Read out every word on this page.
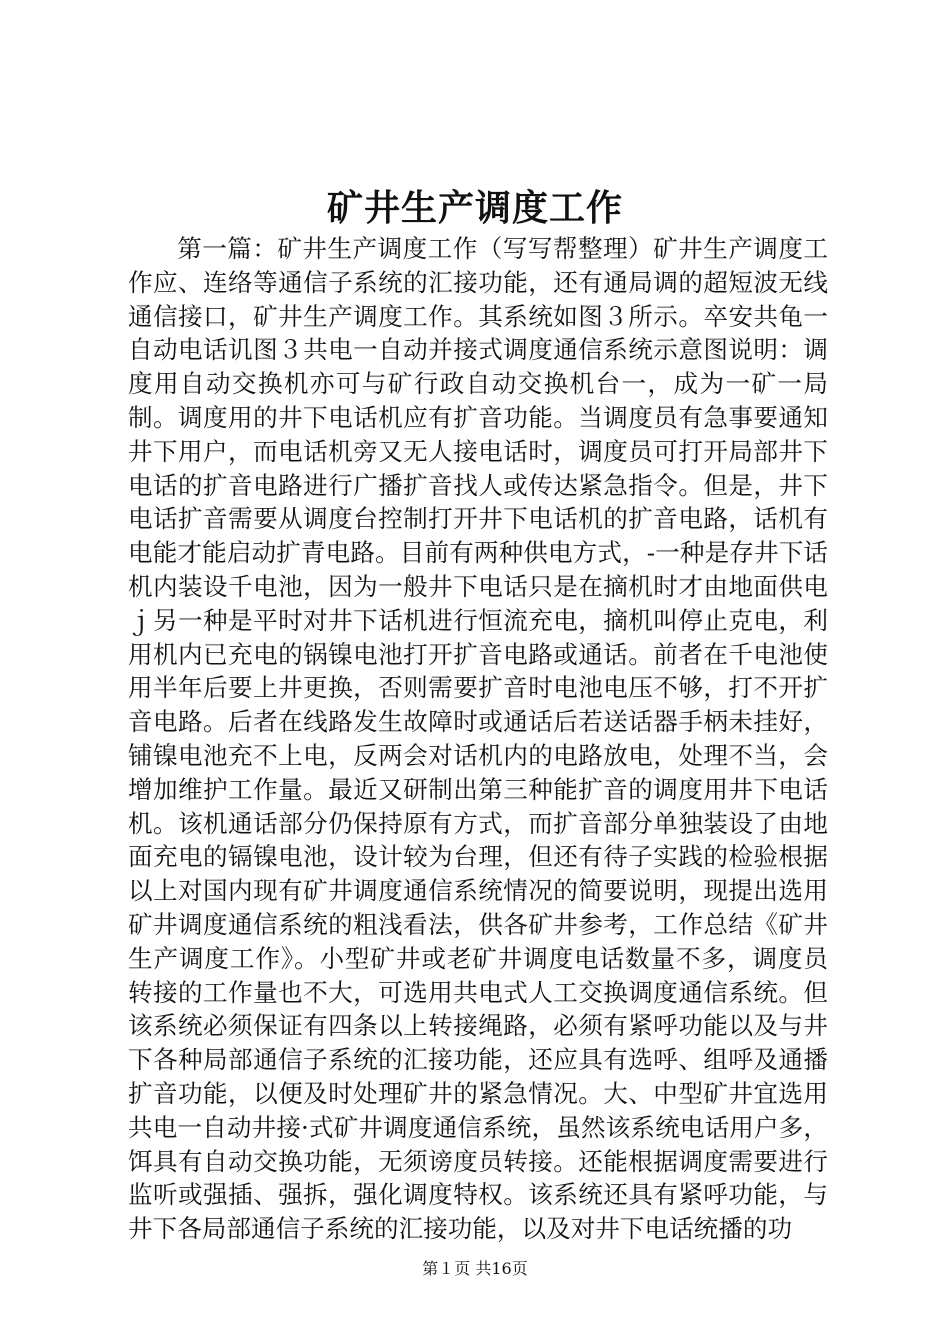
矿井生产调度工作

第一篇：矿井生产调度工作（写写帮整理）矿井生产调度工作应、连络等通信子系统的汇接功能，还有通局调的超短波无线通信接口，矿井生产调度工作。其系统如图３所示。卒安共龟一自动电话讥图３共电一自动并接式调度通信系统示意图说明：调度用自动交换机亦可与矿行政自动交换机台一，成为一矿一局制。调度用的井下电话机应有扩音功能。当调度员有急事要通知井下用户，而电话机旁又无人接电话时，调度员可打开局部井下电话的扩音电路进行广播扩音找人或传达紧急指令。但是，井下电话扩音需要从调度台控制打开井下电话机的扩音电路，话机有电能才能启动扩青电路。目前有两种供电方式，-一种是存井下话机内装设千电池，因为一般井下电话只是在摘机时才由地面供电ｊ另一种是平时对井下话机进行恒流充电，摘机叫停止克电，利用机内已充电的锅镍电池打开扩音电路或通话。前者在千电池使用半年后要上井更换，否则需要扩音时电池电压不够，打不开扩音电路。后者在线路发生故障时或通话后若送话器手柄未挂好，铺镍电池充不上电，反两会对话机内的电路放电，处理不当，会增加维护工作量。最近又研制出第三种能扩音的调度用井下电话机。该机通话部分仍保持原有方式，而扩音部分单独装设了由地面充电的镉镍电池，设计较为台理，但还有待子实践的检验根据以上对国内现有矿井调度通信系统情况的简要说明，现提出选用矿井调度通信系统的粗浅看法，供各矿井参考，工作总结《矿井生产调度工作》。小型矿井或老矿井调度电话数量不多，调度员转接的工作量也不大，可选用共电式人工交换调度通信系统。但该系统必须保证有四条以上转接绳路，必须有紧呼功能以及与井下各种局部通信子系统的汇接功能，还应具有选呼、组呼及通播扩音功能，以便及时处理矿井的紧急情况。大、中型矿井宜选用共电一自动井接·式矿井调度通信系统，虽然该系统电话用户多，饵具有自动交换功能，无须谤度员转接。还能根据调度需要进行监听或强插、强拆，强化调度特权。该系统还具有紧呼功能，与井下各局部通信子系统的汇接功能，以及对井下电话统播的功

第１页 共16页
